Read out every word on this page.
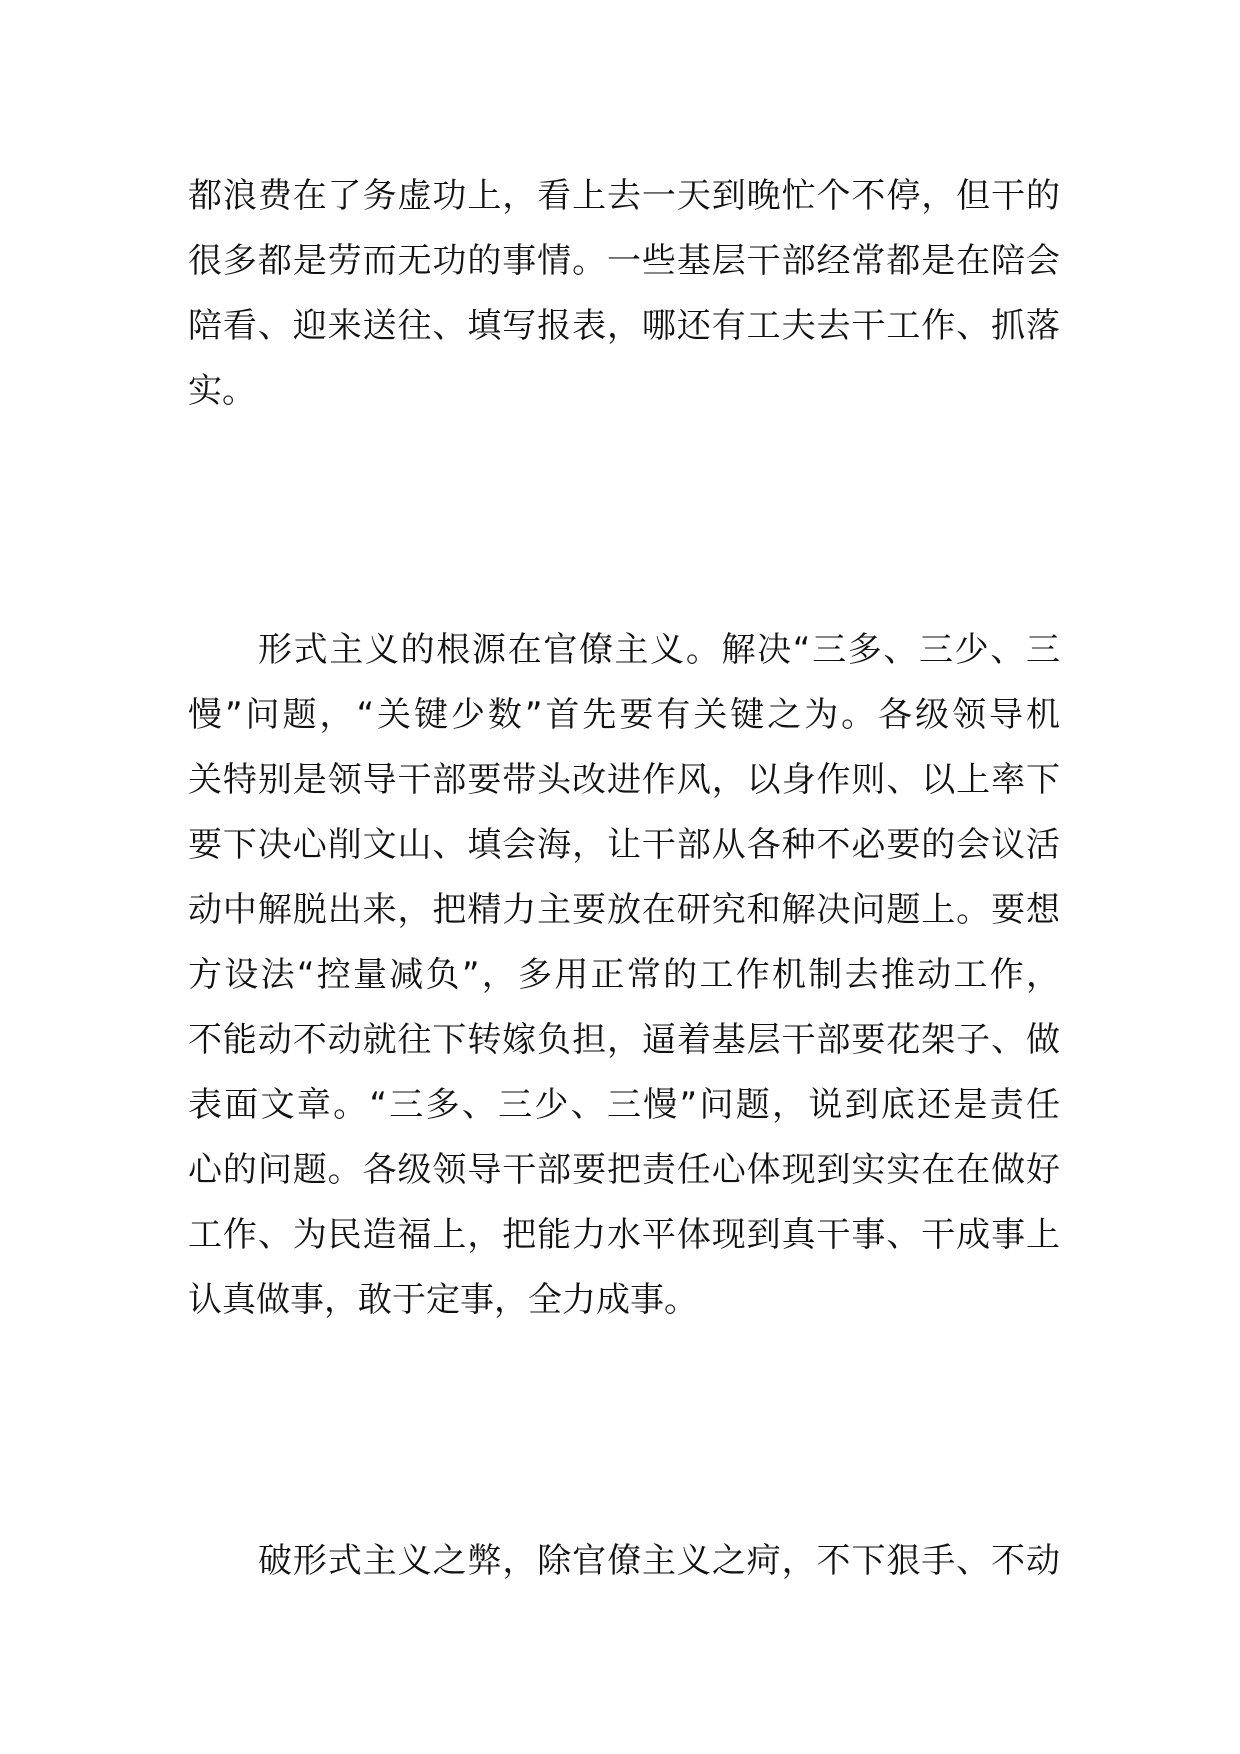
都浪费在了务虚功上，看上去一天到晚忙个不停，但干的
很多都是劳而无功的事情。一些基层干部经常都是在陪会
陪看、迎来送往、填写报表，哪还有工夫去干工作、抓落
实。
形式主义的根源在官僚主义。解决“三多、三少、三
慢”问题，“关键少数”首先要有关键之为。各级领导机
关特别是领导干部要带头改进作风，以身作则、以上率下
要下决心削文山、填会海，让干部从各种不必要的会议活
动中解脱出来，把精力主要放在研究和解决问题上。要想
方设法“控量减负”，多用正常的工作机制去推动工作，
不能动不动就往下转嫁负担，逼着基层干部要花架子、做
表面文章。“三多、三少、三慢”问题，说到底还是责任
心的问题。各级领导干部要把责任心体现到实实在在做好
工作、为民造福上，把能力水平体现到真干事、干成事上
认真做事，敢于定事，全力成事。
破形式主义之弊，除官僚主义之疴，不下狠手、不动
